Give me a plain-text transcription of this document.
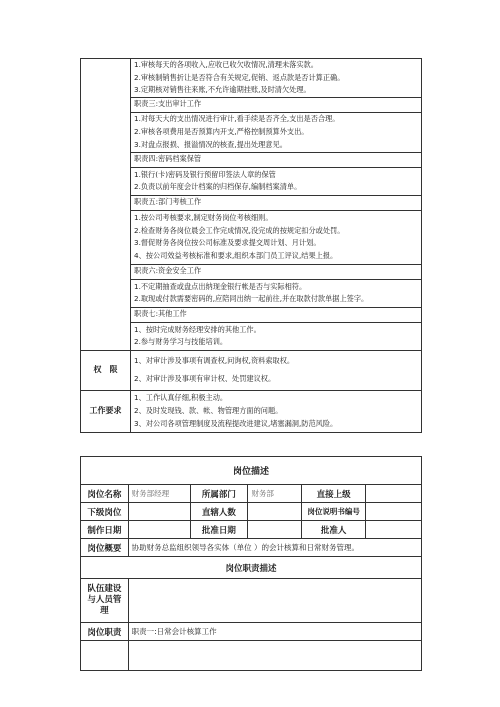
	1.审核每天的各项收入,应收已收欠收情况,清理未落实款。
2.审核制销售折让是否符合有关规定,促销、返点款是否计算正确。
3.定期核对销售往来账,不允许逾期挂账,及时清欠处理。

	职责三:支出审计工作

	1.对每天大的支出情况进行审计,看手续是否齐全,支出是否合理。
2.审核各项费用是否预算内开支,严格控制预算外支出。
3.对盘点报损、报溢情况的核查,提出处理意见。

	职责四:密码档案保管

	1.银行(卡)密码及银行预留印签法人章的保管
2.负责以前年度会计档案的归档保存,编制档案清单。

	职责五:部门考核工作

	1.按公司考核要求,制定财务岗位考核细则。
2.检查财务各岗位晨会工作完成情况,没完成的按规定扣分或处罚。
3.督促财务各岗位按公司标准及要求提交周计划、月计划。
4、按公司效益考核标准和要求,组织本部门员工评议,结果上报。

	职责六:资金安全工作

	1.不定期抽查或盘点出纳现金银行帐是否与实际相符。
2.取现或付款需要密码的,应陪同出纳一起前往,并在取款付款单据上签字。

	职责七:其他工作

	1、按时完成财务经理安排的其他工作。
2.参与财务学习与技能培训。

权　限	1、对审计涉及事项有调查权,问询权,资料索取权。
2、对审计涉及事项有审计权、处罚建议权。

工作要求	1、工作认真仔细,积极主动。
2、及时发现钱、款、帐、物管理方面的问题。
3、对公司各项管理制度及流程提改进建议,堵塞漏洞,防范风险。
岗位描述					
岗位名称	财务部经理	所属部门	财务部	直接上级	
下级岗位		直辖人数		岗位说明书编号	
制作日期		批准日期		批准人	
岗位概要	协助财务总监组织领导各实体（单位 ）的会计核算和日常财务管理。				
岗位职责描述					
队伍建设与人员管理					
岗位职责	职责一:日常会计核算工作				
